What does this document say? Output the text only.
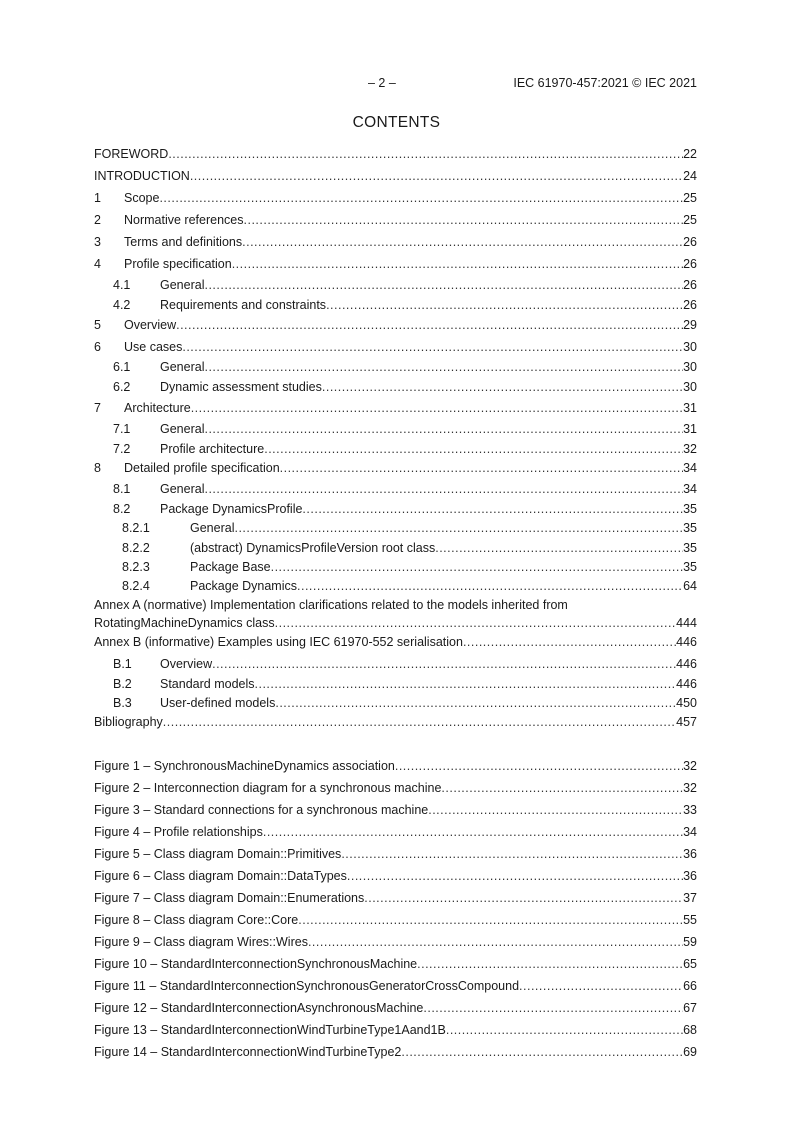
– 2 –	IEC 61970-457:2021 © IEC 2021
CONTENTS
FOREWORD .....	22
INTRODUCTION .....	24
1	Scope .....	25
2	Normative references .....	25
3	Terms and definitions .....	26
4	Profile specification .....	26
4.1	General .....	26
4.2	Requirements and constraints .....	26
5	Overview .....	29
6	Use cases .....	30
6.1	General .....	30
6.2	Dynamic assessment studies .....	30
7	Architecture .....	31
7.1	General .....	31
7.2	Profile architecture .....	32
8	Detailed profile specification .....	34
8.1	General .....	34
8.2	Package DynamicsProfile .....	35
8.2.1	General .....	35
8.2.2	(abstract) DynamicsProfileVersion root class .....	35
8.2.3	Package Base .....	35
8.2.4	Package Dynamics .....	64
Annex A (normative) Implementation clarifications related to the models inherited from
RotatingMachineDynamics class .....	444
Annex B (informative) Examples using IEC 61970-552 serialisation .....	446
B.1	Overview .....	446
B.2	Standard models .....	446
B.3	User-defined models .....	450
Bibliography .....	457
Figure 1 – SynchronousMachineDynamics association .....	32
Figure 2 – Interconnection diagram for a synchronous machine .....	32
Figure 3 – Standard connections for a synchronous machine .....	33
Figure 4 – Profile relationships .....	34
Figure 5 – Class diagram Domain::Primitives .....	36
Figure 6 – Class diagram Domain::DataTypes .....	36
Figure 7 – Class diagram Domain::Enumerations .....	37
Figure 8 – Class diagram Core::Core .....	55
Figure 9 – Class diagram Wires::Wires .....	59
Figure 10 – StandardInterconnectionSynchronousMachine .....	65
Figure 11 – StandardInterconnectionSynchronousGeneratorCrossCompound .....	66
Figure 12 – StandardInterconnectionAsynchronousMachine .....	67
Figure 13 – StandardInterconnectionWindTurbineType1Aand1B .....	68
Figure 14 – StandardInterconnectionWindTurbineType2 .....	69
